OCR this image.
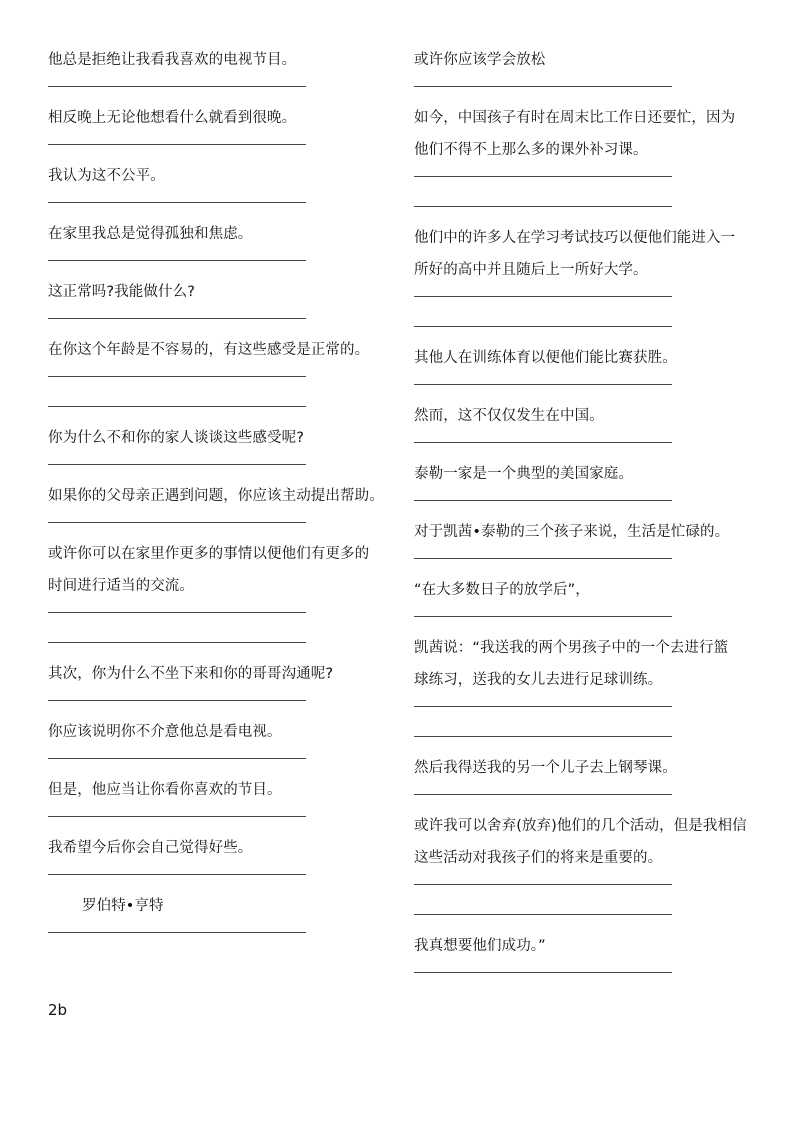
他总是拒绝让我看我喜欢的电视节目。
相反晚上无论他想看什么就看到很晚。
我认为这不公平。
在家里我总是觉得孤独和焦虑。
这正常吗?我能做什么?
在你这个年龄是不容易的，有这些感受是正常的。
你为什么不和你的家人谈谈这些感受呢?
如果你的父母亲正遇到问题，你应该主动提出帮助。
或许你可以在家里作更多的事情以便他们有更多的
时间进行适当的交流。
其次，你为什么不坐下来和你的哥哥沟通呢?
你应该说明你不介意他总是看电视。
但是，他应当让你看你喜欢的节目。
我希望今后你会自己觉得好些。
罗伯特•亨特
或许你应该学会放松
如今，中国孩子有时在周末比工作日还要忙，因为
他们不得不上那么多的课外补习课。
他们中的许多人在学习考试技巧以便他们能进入一
所好的高中并且随后上一所好大学。
其他人在训练体育以便他们能比赛获胜。
然而，这不仅仅发生在中国。
泰勒一家是一个典型的美国家庭。
对于凯茜•泰勒的三个孩子来说，生活是忙碌的。
“在大多数日子的放学后”，
凯茜说：“我送我的两个男孩子中的一个去进行篮
球练习，送我的女儿去进行足球训练。
然后我得送我的另一个儿子去上钢琴课。
或许我可以舍弃(放弃)他们的几个活动，但是我相信
这些活动对我孩子们的将来是重要的。
我真想要他们成功。”
2b
